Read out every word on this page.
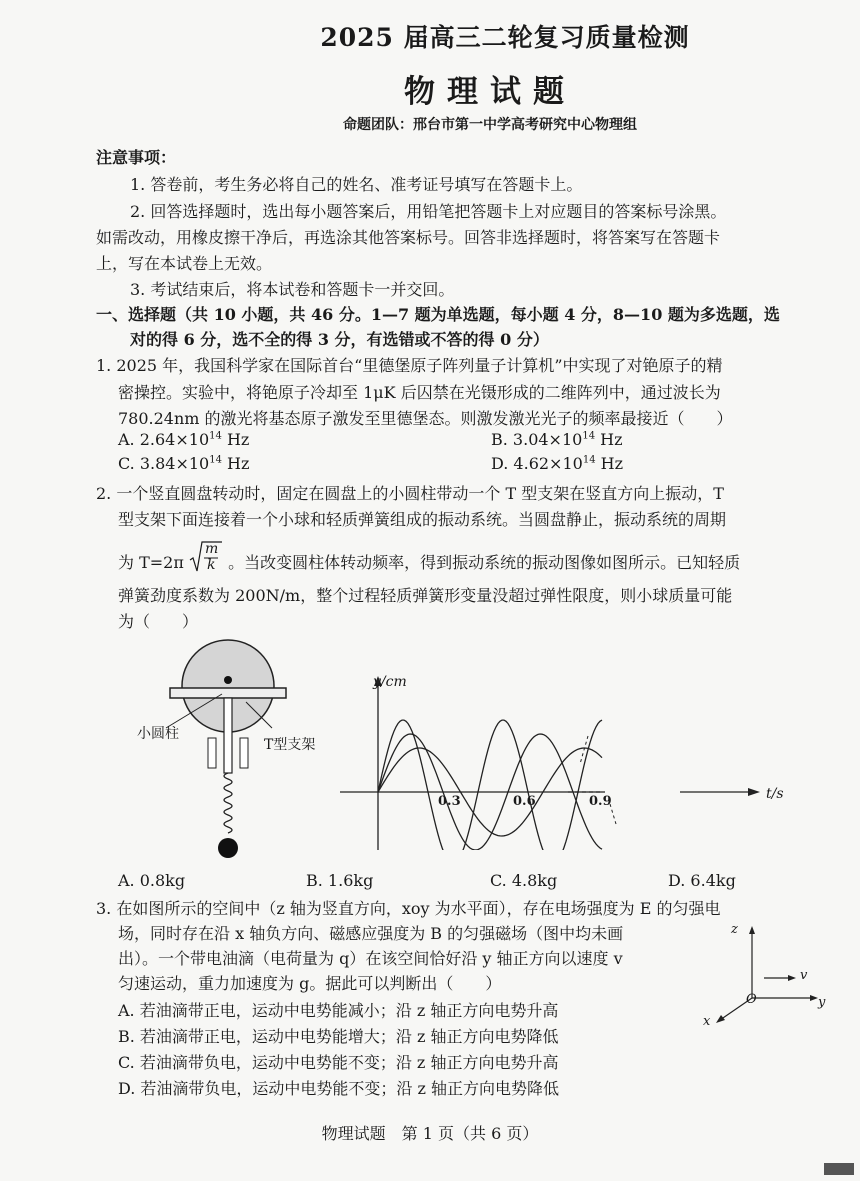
2025 届高三二轮复习质量检测
物理试题
命题团队：邢台市第一中学高考研究中心物理组
注意事项：
1. 答卷前，考生务必将自己的姓名、准考证号填写在答题卡上。
2. 回答选择题时，选出每小题答案后，用铅笔把答题卡上对应题目的答案标号涂黑。
如需改动，用橡皮擦干净后，再选涂其他答案标号。回答非选择题时，将答案写在答题卡
上，写在本试卷上无效。
3. 考试结束后，将本试卷和答题卡一并交回。
一、选择题（共 10 小题，共 46 分。1—7 题为单选题，每小题 4 分，8—10 题为多选题，选
对的得 6 分，选不全的得 3 分，有选错或不答的得 0 分）
1. 2025 年，我国科学家在国际首台“里德堡原子阵列量子计算机”中实现了对铯原子的精
密操控。实验中，将铯原子冷却至 1μK 后囚禁在光镊形成的二维阵列中，通过波长为
780.24nm 的激光将基态原子激发至里德堡态。则激发激光光子的频率最接近（　　）
A. $2.64\times 10^{14}$ Hz	B. $3.04\times 10^{14}$ Hz
C. $3.84\times 10^{14}$ Hz	D. $4.62\times 10^{14}$ Hz
2. 一个竖直圆盘转动时，固定在圆盘上的小圆柱带动一个 T 型支架在竖直方向上振动，T
型支架下面连接着一个小球和轻质弹簧组成的振动系统。当圆盘静止，振动系统的周期
为 T=2π
m
k 。当改变圆柱体转动频率，得到振动系统的振动图像如图所示。已知轻质
弹簧劲度系数为 200N/m，整个过程轻质弹簧形变量没超过弹性限度，则小球质量可能
为（　　）
小圆柱
T型支架
y/cm
t/s
0.3	0.6	0.9
A. 0.8kg	B. 1.6kg	C. 4.8kg	D. 6.4kg
3. 在如图所示的空间中（z 轴为竖直方向，xoy 为水平面），存在电场强度为 E 的匀强电
场，同时存在沿 x 轴负方向、磁感应强度为 B 的匀强磁场（图中均未画
出）。一个带电油滴（电荷量为 q）在该空间恰好沿 y 轴正方向以速度 v
匀速运动，重力加速度为 g。据此可以判断出（　　）
A. 若油滴带正电，运动中电势能减小；沿 z 轴正方向电势升高
B. 若油滴带正电，运动中电势能增大；沿 z 轴正方向电势降低
C. 若油滴带负电，运动中电势能不变；沿 z 轴正方向电势升高
D. 若油滴带负电，运动中电势能不变；沿 z 轴正方向电势降低
z
x
y
O
v
物理试题　第 1 页（共 6 页）
